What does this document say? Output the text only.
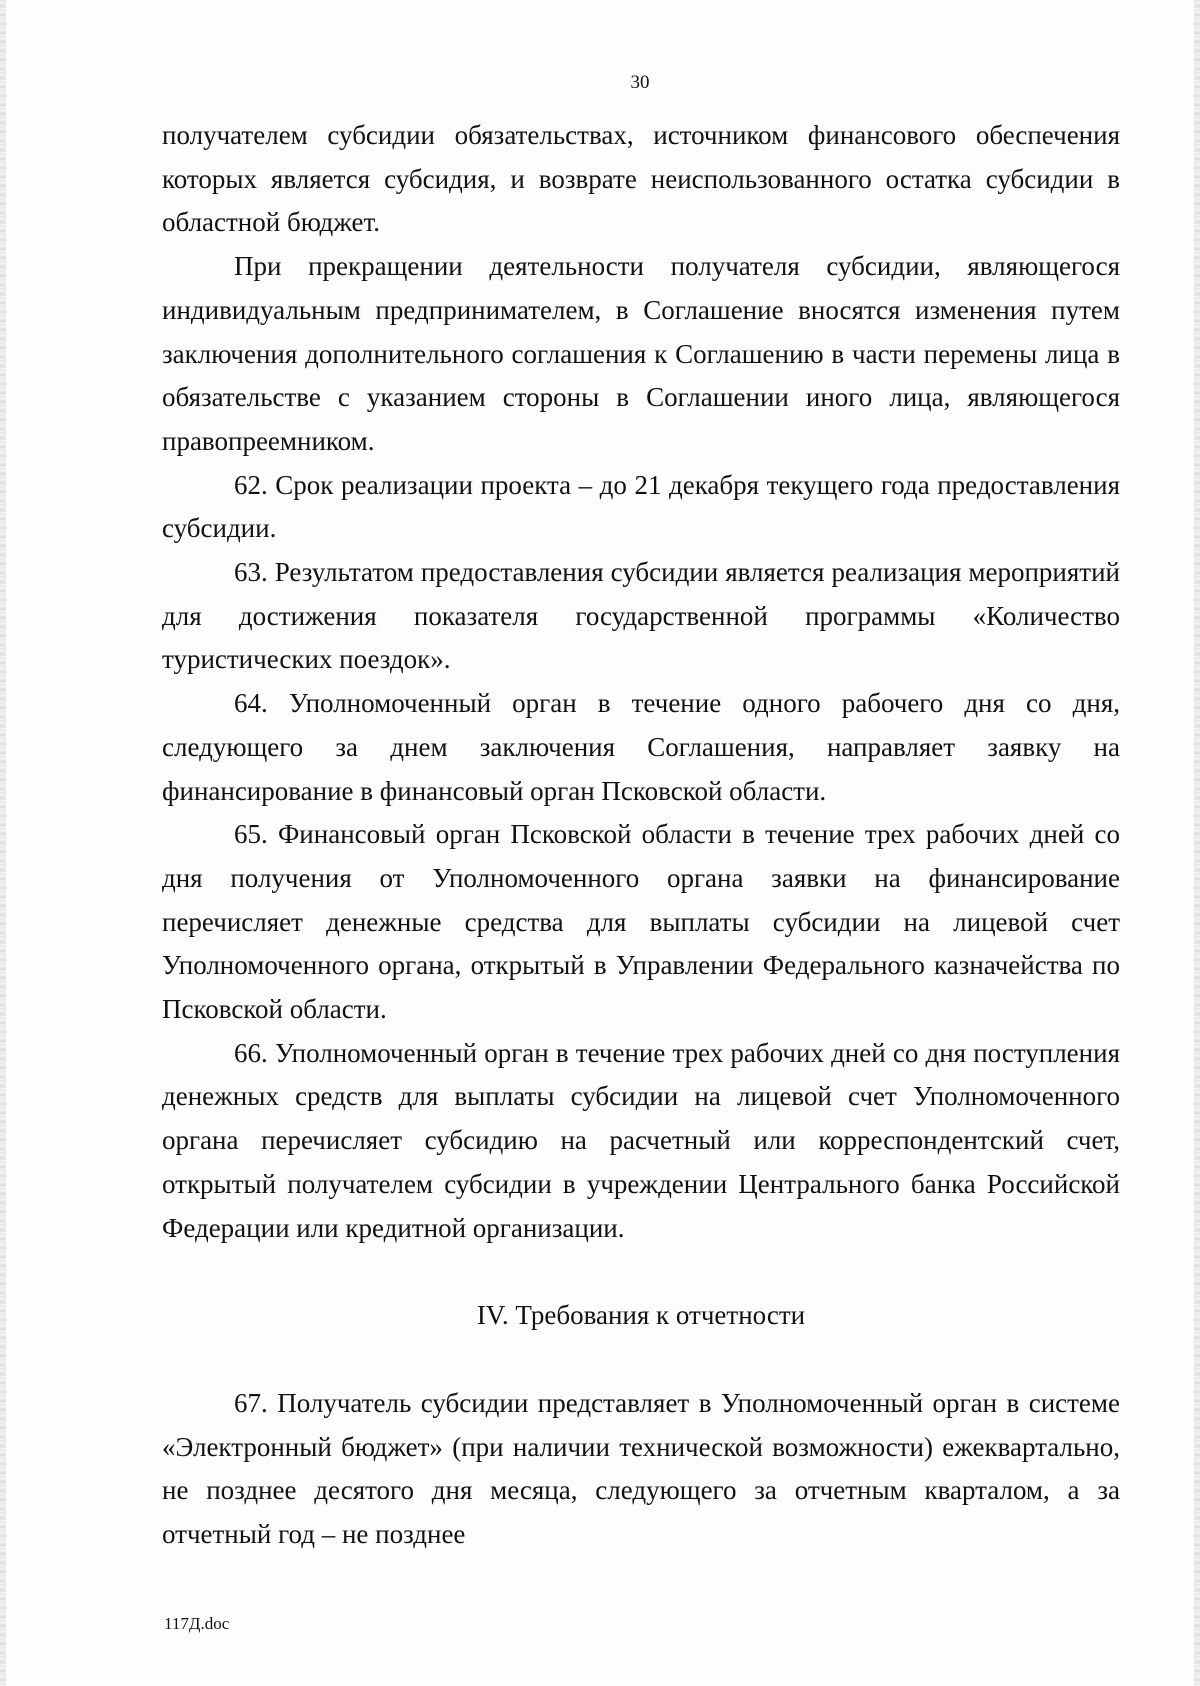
30

получателем субсидии обязательствах, источником финансового обеспечения которых является субсидия, и возврате неиспользованного остатка субсидии в областной бюджет.

При прекращении деятельности получателя субсидии, являющегося индивидуальным предпринимателем, в Соглашение вносятся изменения путем заключения дополнительного соглашения к Соглашению в части перемены лица в обязательстве с указанием стороны в Соглашении иного лица, являющегося правопреемником.

62. Срок реализации проекта – до 21 декабря текущего года предоставления субсидии.

63. Результатом предоставления субсидии является реализация мероприятий для достижения показателя государственной программы «Количество туристических поездок».

64. Уполномоченный орган в течение одного рабочего дня со дня, следующего за днем заключения Соглашения, направляет заявку на финансирование в финансовый орган Псковской области.

65. Финансовый орган Псковской области в течение трех рабочих дней со дня получения от Уполномоченного органа заявки на финансирование перечисляет денежные средства для выплаты субсидии на лицевой счет Уполномоченного органа, открытый в Управлении Федерального казначейства по Псковской области.

66. Уполномоченный орган в течение трех рабочих дней со дня поступления денежных средств для выплаты субсидии на лицевой счет Уполномоченного органа перечисляет субсидию на расчетный или корреспондентский счет, открытый получателем субсидии в учреждении Центрального банка Российской Федерации или кредитной организации.

IV. Требования к отчетности

67. Получатель субсидии представляет в Уполномоченный орган в системе «Электронный бюджет» (при наличии технической возможности) ежеквартально, не позднее десятого дня месяца, следующего за отчетным кварталом, а за отчетный год – не позднее

117Д.doc
